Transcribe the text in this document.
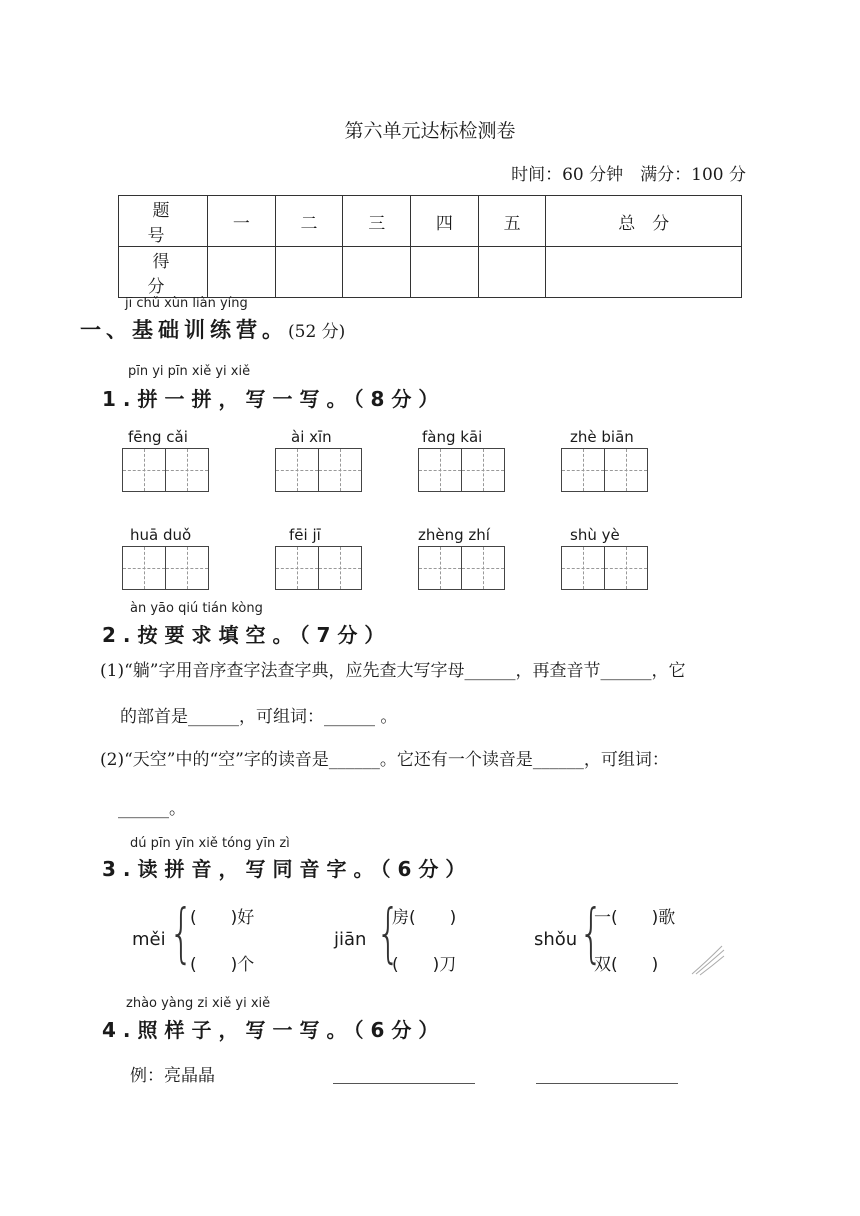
第六单元达标检测卷
时间：60 分钟　满分：100 分
题　号	一	二	三	四	五	总　分
得　分						
jī chǔ xùn liàn yíng
一、基础训练营。(52 分)
pīn yi pīn xiě yi xiě
1.拼一拼，写一写。（8分）
fēng cǎi	ài xīn	fàng kāi	zhè biān
huā duǒ	fēi jī	zhèng zhí	shù yè
àn yāo qiú tián kòng
2.按要求填空。（7分）
(1)“躺”字用音序查字法查字典，应先查大写字母______，再查音节______，它
的部首是______，可组词：______ 。
(2)“天空”中的“空”字的读音是______。它还有一个读音是______，可组词：
______。
dú pīn yīn xiě tóng yīn zì
3.读拼音，写同音字。（6分）
měi {
(　　)好
(　　)个
jiān {
房(　　)
(　　)刀
shǒu {
一(　　)歌
双(　　)
zhào yàng zi xiě yi xiě
4.照样子，写一写。（6分）
例：亮晶晶
